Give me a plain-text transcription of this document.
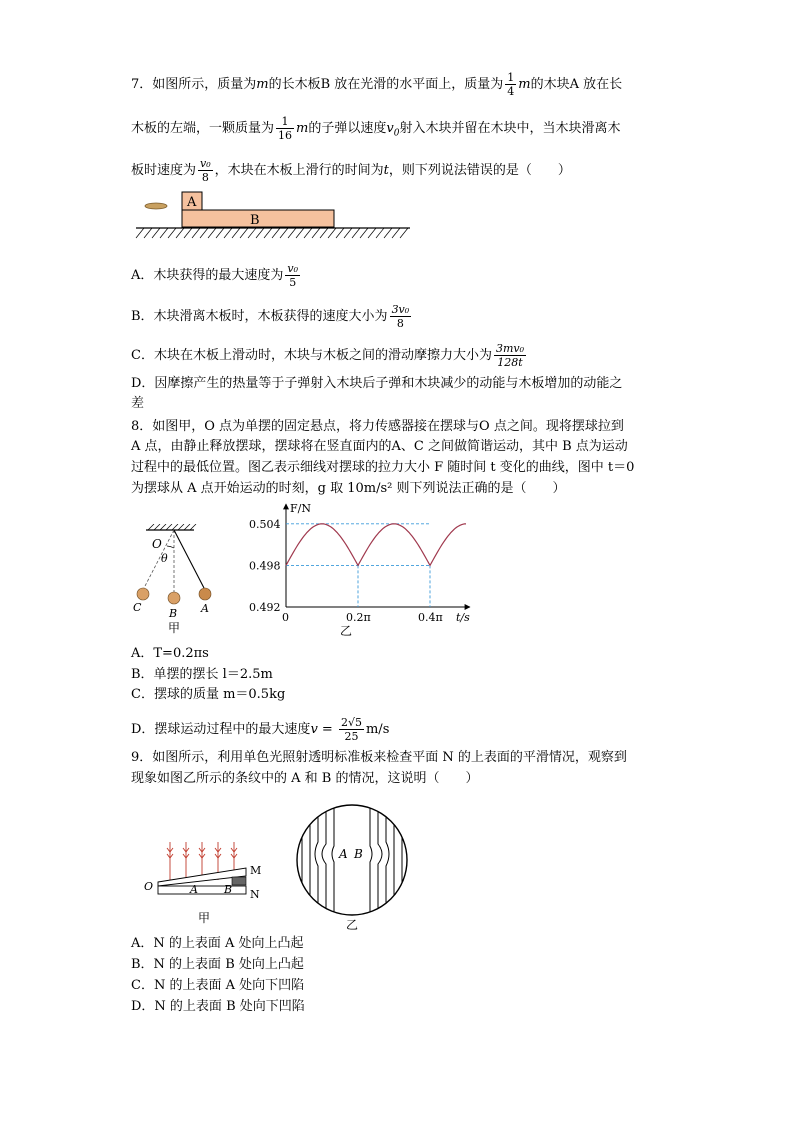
7．如图所示，质量为m的长木板B 放在光滑的水平面上，质量为 $\frac{1}{4}$ m的木块A 放在长
木板的左端，一颗质量为 $\frac{1}{16}$ m的子弹以速度$v_0$射入木块并留在木块中，当木块滑离木
板时速度为 $\frac{\text{v₀}}{8}$ ，木块在木板上滑行的时间为t，则下列说法错误的是（　　）
A
B
A．木块获得的最大速度为 $\frac{\text{v₀}}{5}$
B．木块滑离木板时，木板获得的速度大小为 $\frac{\text{3v₀}}{8}$
C．木块在木板上滑动时，木块与木板之间的滑动摩擦力大小为 $\frac{\text{3mv₀}}{128t}$
D．因摩擦产生的热量等于子弹射入木块后子弹和木块减少的动能与木板增加的动能之
差
8．如图甲，O 点为单摆的固定悬点，将力传感器接在摆球与O 点之间。现将摆球拉到
A 点，由静止释放摆球，摆球将在竖直面内的A、C 之间做简谐运动，其中 B 点为运动
过程中的最低位置。图乙表示细线对摆球的拉力大小 F 随时间 t 变化的曲线，图中 t＝0
为摆球从 A 点开始运动的时刻，g 取 10m/s² 则下列说法正确的是（　　）
O
θ
A
B
C
甲
F/N
t/s
0
乙
0.504
0.498
0.492
0.2π	0.4π
A．T=0.2πs
B．单摆的摆长 l＝2.5m
C．摆球的质量 m＝0.5kg
D．摆球运动过程中的最大速度$v = \frac{2√5}{25} m/s$
9．如图所示，利用单色光照射透明标准板来检查平面 N 的上表面的平滑情况，观察到
现象如图乙所示的条纹中的 A 和 B 的情况，这说明（　　）
M
N
O	A B
甲
A B
乙
A．N 的上表面 A 处向上凸起
B．N 的上表面 B 处向上凸起
C．N 的上表面 A 处向下凹陷
D．N 的上表面 B 处向下凹陷
